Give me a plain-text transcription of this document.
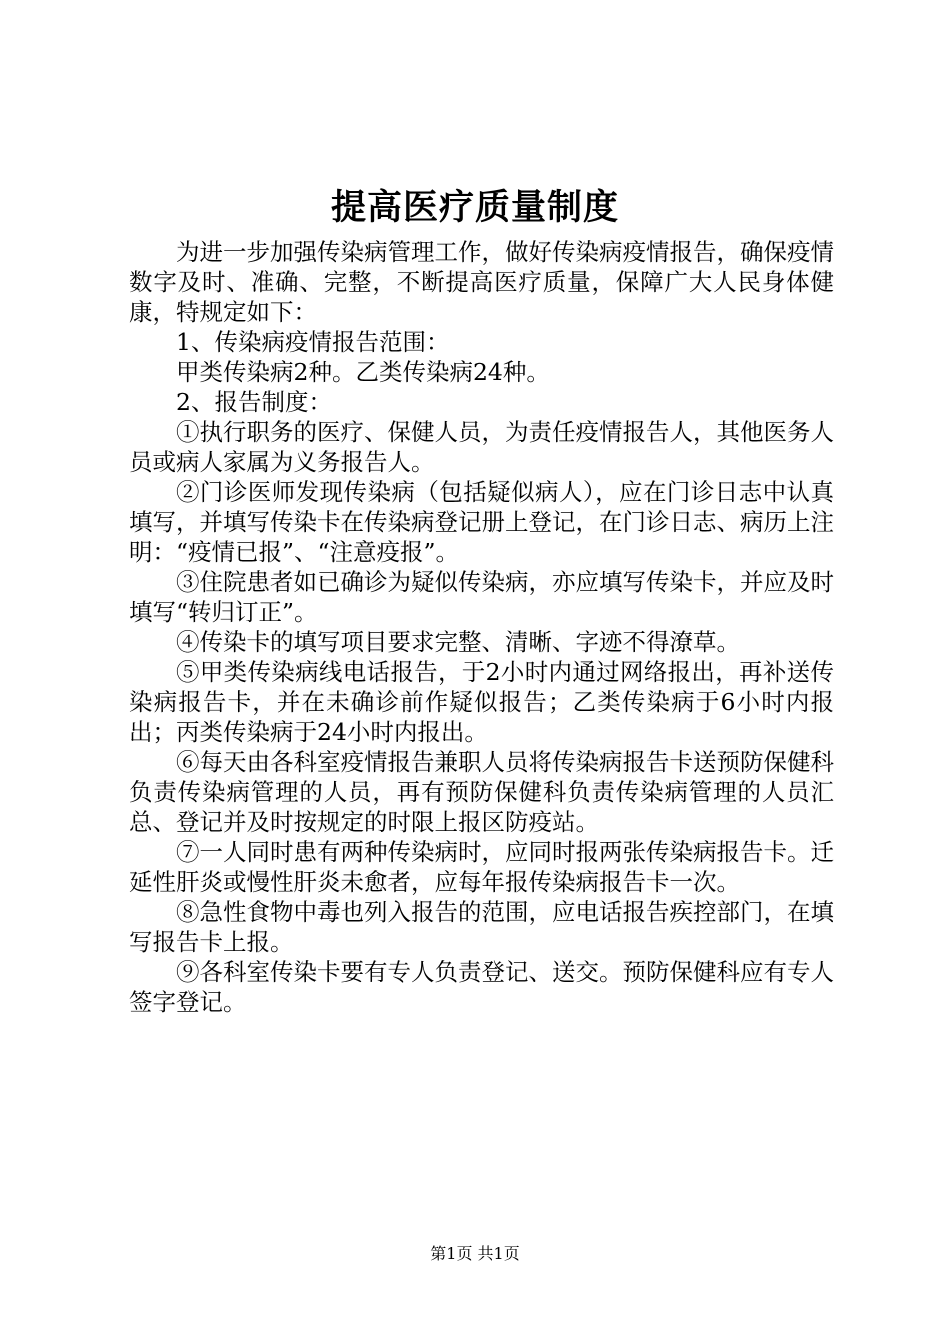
提高医疗质量制度

为进一步加强传染病管理工作，做好传染病疫情报告，确保疫情数字及时、准确、完整，不断提高医疗质量，保障广大人民身体健康，特规定如下：

1、传染病疫情报告范围：

甲类传染病2种。乙类传染病24种。

2、报告制度：

①执行职务的医疗、保健人员，为责任疫情报告人，其他医务人员或病人家属为义务报告人。

②门诊医师发现传染病（包括疑似病人），应在门诊日志中认真填写，并填写传染卡在传染病登记册上登记，在门诊日志、病历上注明：“疫情已报”、“注意疫报”。

③住院患者如已确诊为疑似传染病，亦应填写传染卡，并应及时填写“转归订正”。

④传染卡的填写项目要求完整、清晰、字迹不得潦草。

⑤甲类传染病线电话报告，于2小时内通过网络报出，再补送传染病报告卡，并在未确诊前作疑似报告；乙类传染病于6小时内报出；丙类传染病于24小时内报出。

⑥每天由各科室疫情报告兼职人员将传染病报告卡送预防保健科负责传染病管理的人员，再有预防保健科负责传染病管理的人员汇总、登记并及时按规定的时限上报区防疫站。

⑦一人同时患有两种传染病时，应同时报两张传染病报告卡。迁延性肝炎或慢性肝炎未愈者，应每年报传染病报告卡一次。

⑧急性食物中毒也列入报告的范围，应电话报告疾控部门，在填写报告卡上报。

⑨各科室传染卡要有专人负责登记、送交。预防保健科应有专人签字登记。

第1页 共1页
